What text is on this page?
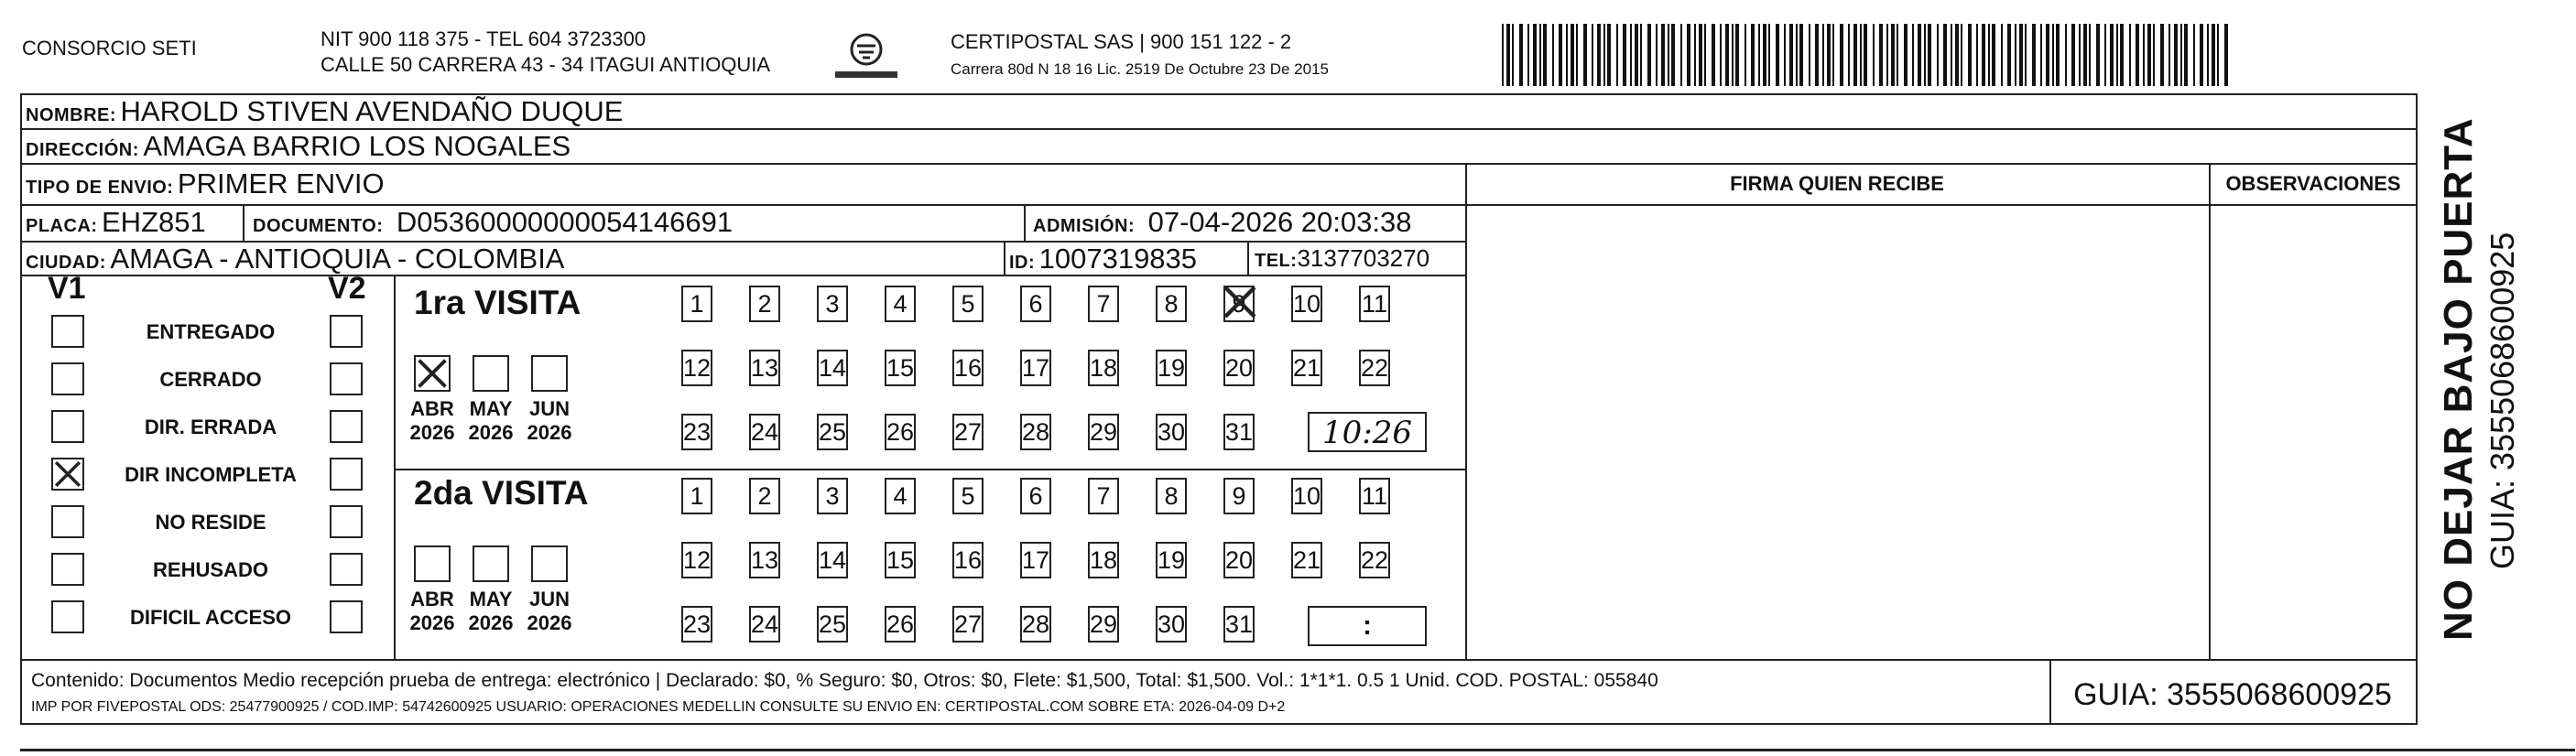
CONSORCIO SETI	NIT 900 118 375 - TEL 604 3723300
CALLE 50 CARRERA 43 - 34 ITAGUI ANTIOQUIA
CERTIPOSTAL SAS | 900 151 122 - 2
Carrera 80d N 18 16 Lic. 2519 De Octubre 23 De 2015
NOMBRE: HAROLD STIVEN AVENDAÑO DUQUE
DIRECCIÓN: AMAGA BARRIO LOS NOGALES
TIPO DE ENVIO: PRIMER ENVIO
PLACA: EHZ851	DOCUMENTO: D05360000000054146691	ADMISIÓN: 07-04-2026 20:03:38
CIUDAD: AMAGA - ANTIOQUIA - COLOMBIA	ID: 1007319835	TEL:3137703270
FIRMA QUIEN RECIBE	OBSERVACIONES
V1	V2
ENTREGADO
CERRADO
DIR. ERRADA
DIR INCOMPLETA
NO RESIDE
REHUSADO
DIFICIL ACCESO
1ra VISITA
2da VISITA
ABR
2026
MAY
2026
JUN
2026
ABR
2026
MAY
2026
JUN
2026
1	2	3	4	5	6	7	8	9	10 11
12 13 14 15 16 17 18 19 20 21 22
23 24 25 26 27 28 29 30 31
1	2	3	4	5	6	7	8	9	10 11
12 13 14 15 16 17 18 19 20 21 22
23 24 25 26 27 28 29 30 31
10:26
:
Contenido: Documentos Medio recepción prueba de entrega: electrónico | Declarado: $0, % Seguro: $0, Otros: $0, Flete: $1,500, Total: $1,500. Vol.: 1*1*1. 0.5 1 Unid. COD. POSTAL: 055840
IMP POR FIVEPOSTAL ODS: 25477900925 / COD.IMP: 54742600925 USUARIO: OPERACIONES MEDELLIN CONSULTE SU ENVIO EN: CERTIPOSTAL.COM SOBRE ETA: 2026-04-09 D+2	GUIA: 3555068600925
NO DEJAR BAJO PUERTA GUIA: 3555068600925
